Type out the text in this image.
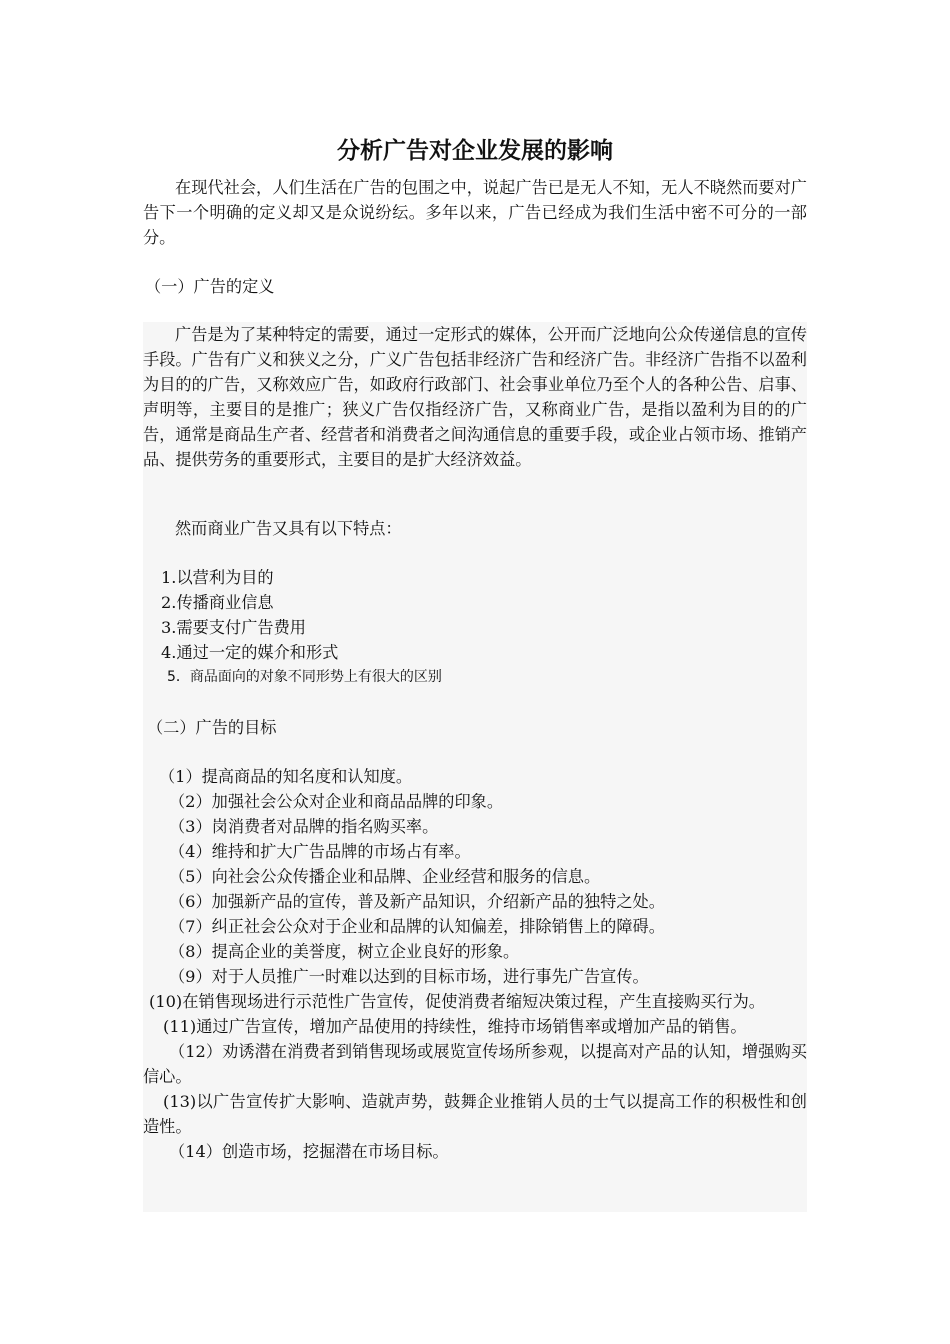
分析广告对企业发展的影响

在现代社会，人们生活在广告的包围之中，说起广告已是无人不知，无人不晓然而要对广告下一个明确的定义却又是众说纷纭。多年以来，广告已经成为我们生活中密不可分的一部分。

（一）广告的定义

广告是为了某种特定的需要，通过一定形式的媒体，公开而广泛地向公众传递信息的宣传手段。广告有广义和狭义之分，广义广告包括非经济广告和经济广告。非经济广告指不以盈利为目的的广告，又称效应广告，如政府行政部门、社会事业单位乃至个人的各种公告、启事、声明等，主要目的是推广；狭义广告仅指经济广告，又称商业广告，是指以盈利为目的的广告，通常是商品生产者、经营者和消费者之间沟通信息的重要手段，或企业占领市场、推销产品、提供劳务的重要形式，主要目的是扩大经济效益。

然而商业广告又具有以下特点：

1.以营利为目的
2.传播商业信息
3.需要支付广告费用
4.通过一定的媒介和形式
5．商品面向的对象不同形势上有很大的区别

（二）广告的目标

（1）提高商品的知名度和认知度。
（2）加强社会公众对企业和商品品牌的印象。
（3）岗消费者对品牌的指名购买率。
（4）维持和扩大广告品牌的市场占有率。
（5）向社会公众传播企业和品牌、企业经营和服务的信息。
（6）加强新产品的宣传，普及新产品知识，介绍新产品的独特之处。
（7）纠正社会公众对于企业和品牌的认知偏差，排除销售上的障碍。
（8）提高企业的美誉度，树立企业良好的形象。
（9）对于人员推广一时难以达到的目标市场，进行事先广告宣传。
(10)在销售现场进行示范性广告宣传，促使消费者缩短决策过程，产生直接购买行为。
(11)通过广告宣传，增加产品使用的持续性，维持市场销售率或增加产品的销售。
（12）劝诱潜在消费者到销售现场或展览宣传场所参观，以提高对产品的认知，增强购买信心。
(13)以广告宣传扩大影响、造就声势，鼓舞企业推销人员的士气以提高工作的积极性和创造性。
（14）创造市场，挖掘潜在市场目标。
